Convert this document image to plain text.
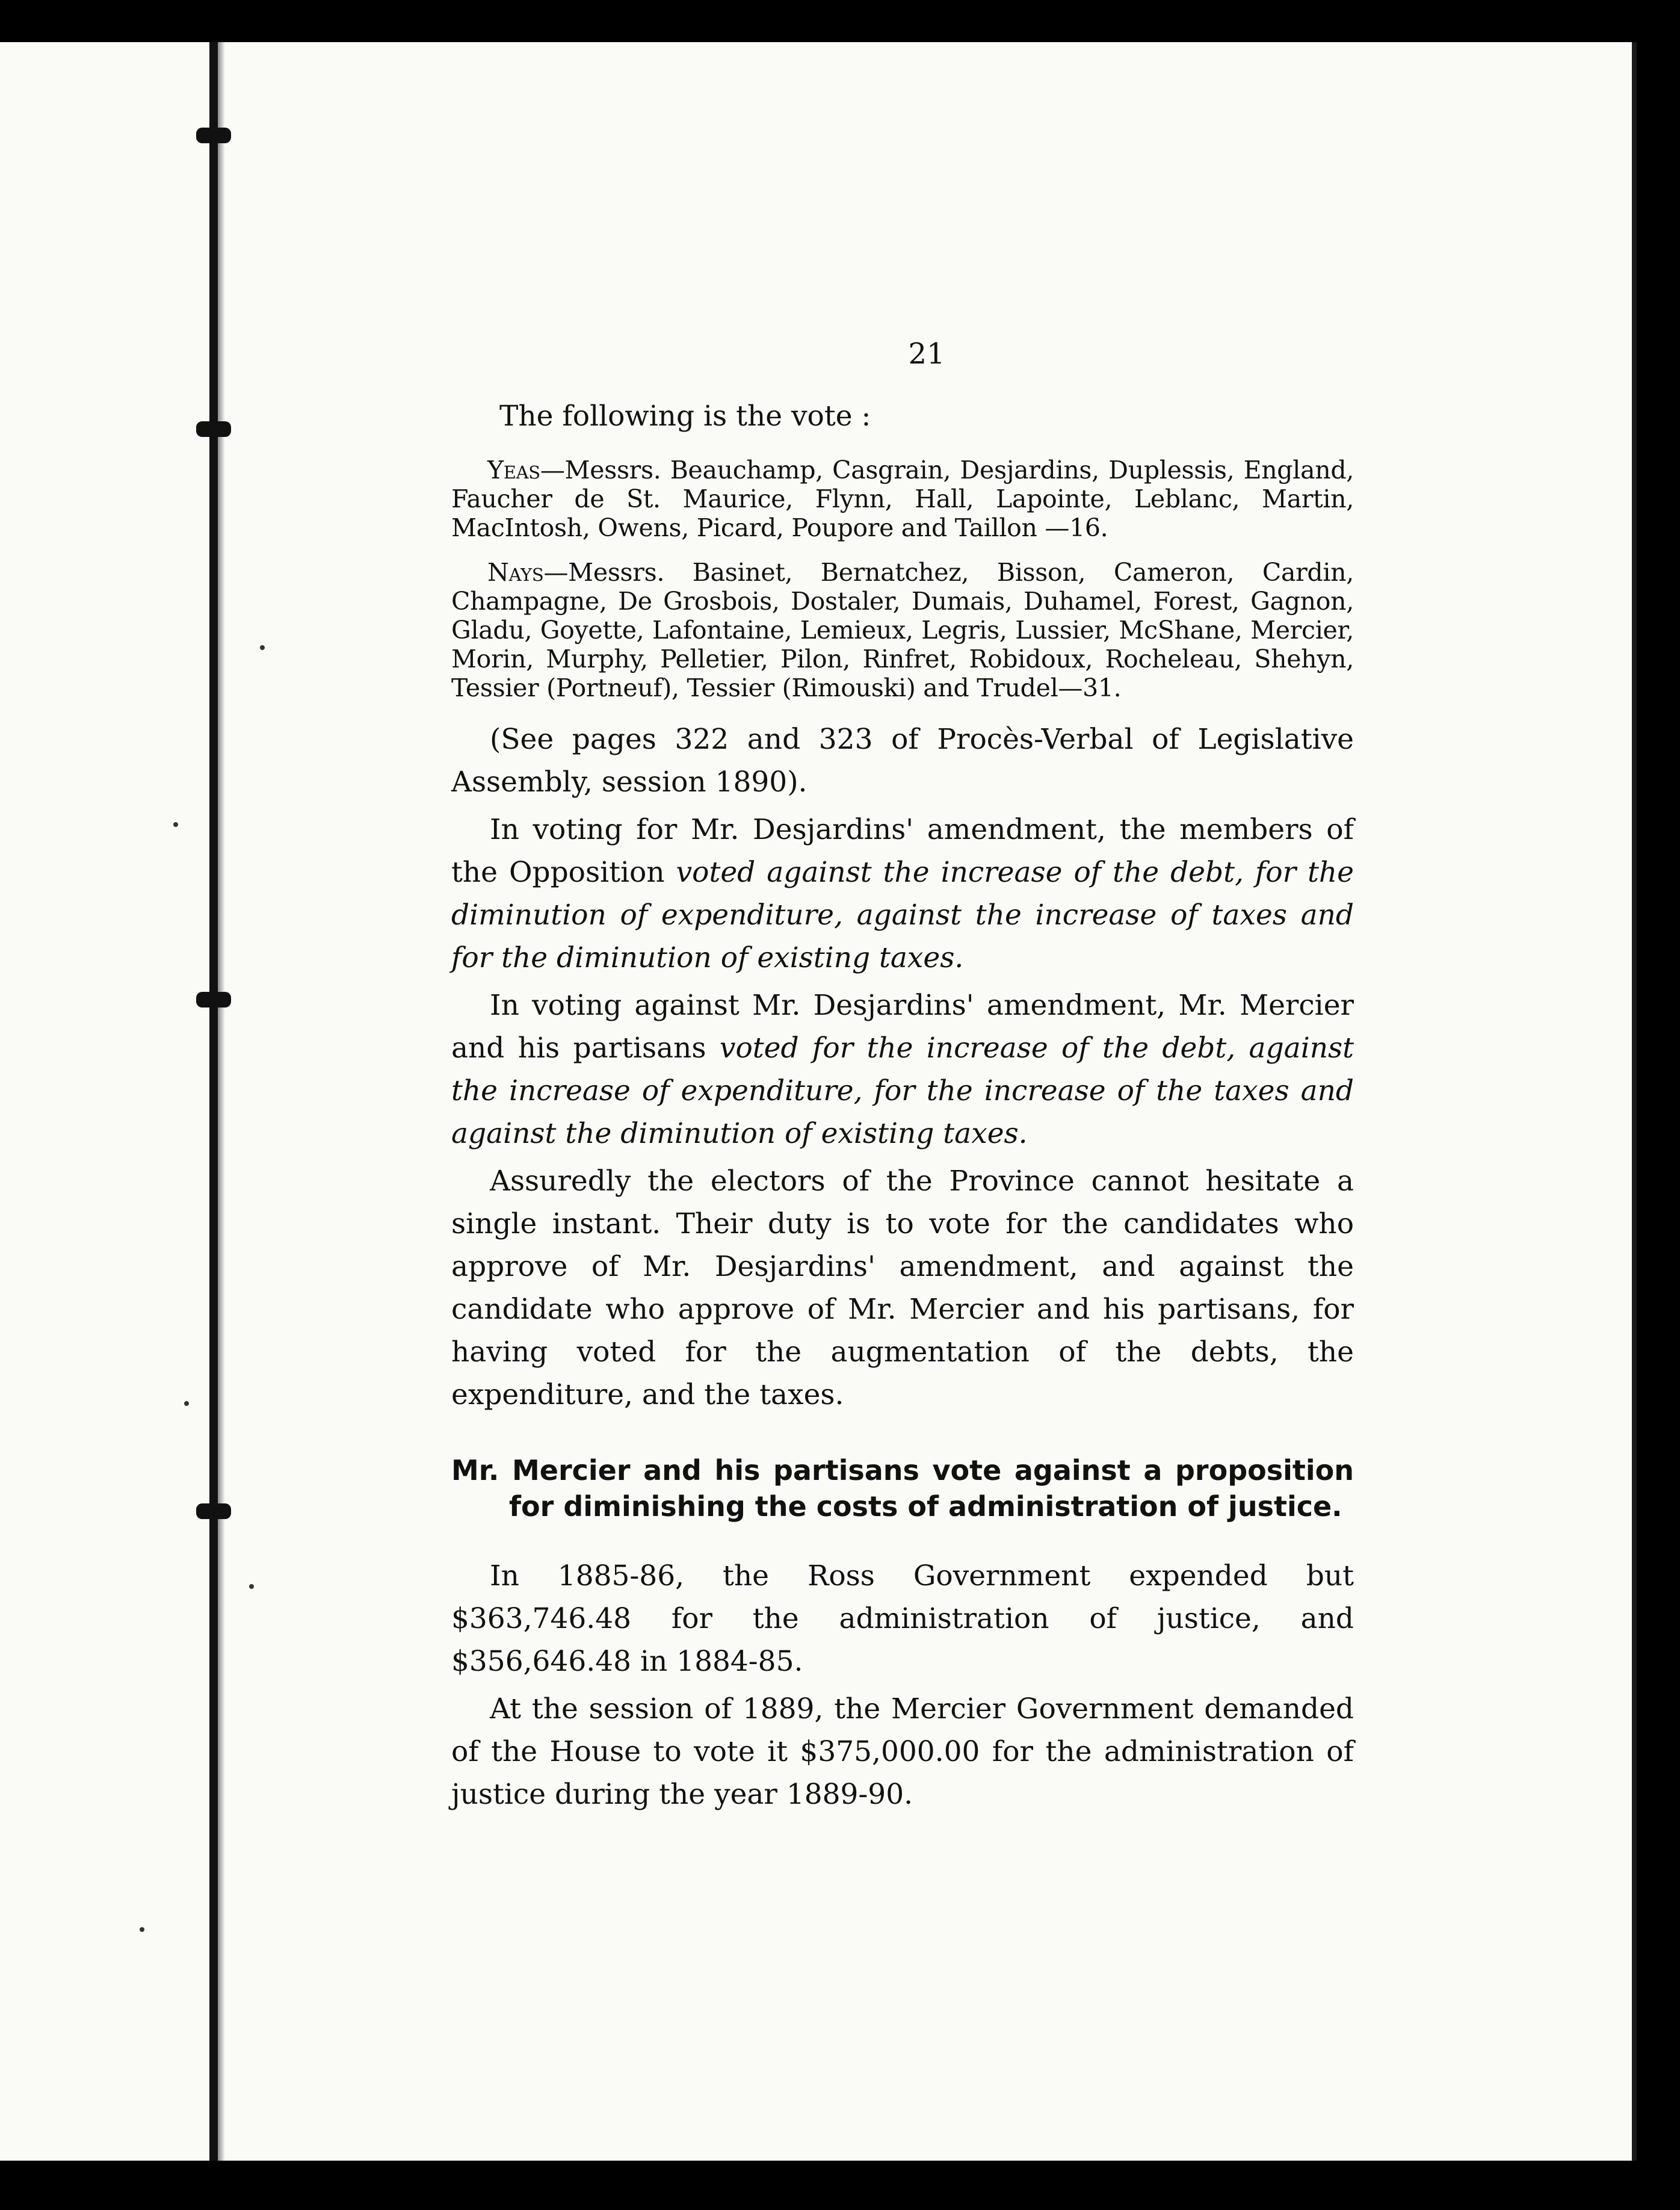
21

The following is the vote :

Yeas—Messrs. Beauchamp, Casgrain, Desjardins, Duplessis, England, Faucher de St. Maurice, Flynn, Hall, Lapointe, Leblanc, Martin, MacIntosh, Owens, Picard, Poupore and Taillon —16.

Nays—Messrs. Basinet, Bernatchez, Bisson, Cameron, Cardin, Champagne, De Grosbois, Dostaler, Dumais, Duhamel, Forest, Gagnon, Gladu, Goyette, Lafontaine, Lemieux, Legris, Lussier, McShane, Mercier, Morin, Murphy, Pelletier, Pilon, Rinfret, Robidoux, Rocheleau, Shehyn, Tessier (Portneuf), Tessier (Rimouski) and Trudel—31.

(See pages 322 and 323 of Procès-Verbal of Legislative Assembly, session 1890).

In voting for Mr. Desjardins' amendment, the members of the Opposition voted against the increase of the debt, for the diminution of expenditure, against the increase of taxes and for the diminution of existing taxes.

In voting against Mr. Desjardins' amendment, Mr. Mercier and his partisans voted for the increase of the debt, against the increase of expenditure, for the increase of the taxes and against the diminution of existing taxes.

Assuredly the electors of the Province cannot hesitate a single instant. Their duty is to vote for the candidates who approve of Mr. Desjardins' amendment, and against the candidate who approve of Mr. Mercier and his partisans, for having voted for the augmentation of the debts, the expenditure, and the taxes.

Mr. Mercier and his partisans vote against a proposition for diminishing the costs of administration of justice.

In 1885-86, the Ross Government expended but $363,746.48 for the administration of justice, and $356,646.48 in 1884-85.

At the session of 1889, the Mercier Government demanded of the House to vote it $375,000.00 for the administration of justice during the year 1889-90.
